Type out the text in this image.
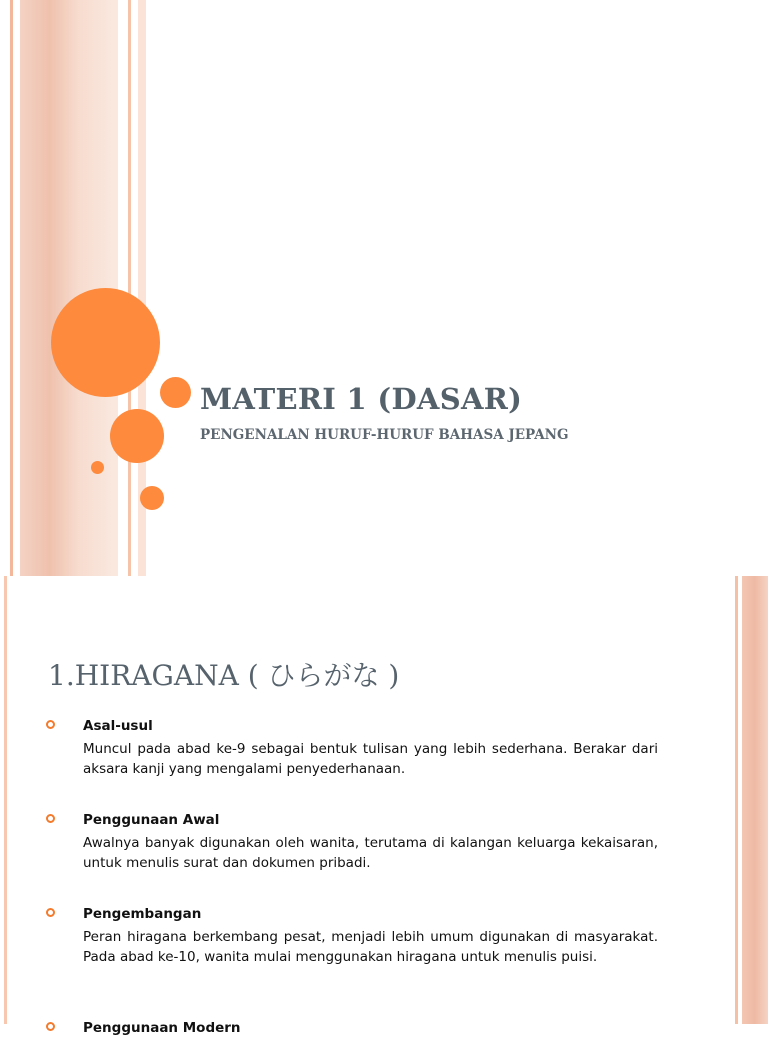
MATERI 1 (DASAR)
PENGENALAN HURUF-HURUF BAHASA JEPANG
1.HIRAGANA ( ひらがな )
Asal-usul
Muncul pada abad ke-9 sebagai bentuk tulisan yang lebih sederhana. Berakar dari aksara kanji yang mengalami penyederhanaan.
Penggunaan Awal
Awalnya banyak digunakan oleh wanita, terutama di kalangan keluarga kekaisaran, untuk menulis surat dan dokumen pribadi.
Pengembangan
Peran hiragana berkembang pesat, menjadi lebih umum digunakan di masyarakat. Pada abad ke-10, wanita mulai menggunakan hiragana untuk menulis puisi.
Penggunaan Modern
